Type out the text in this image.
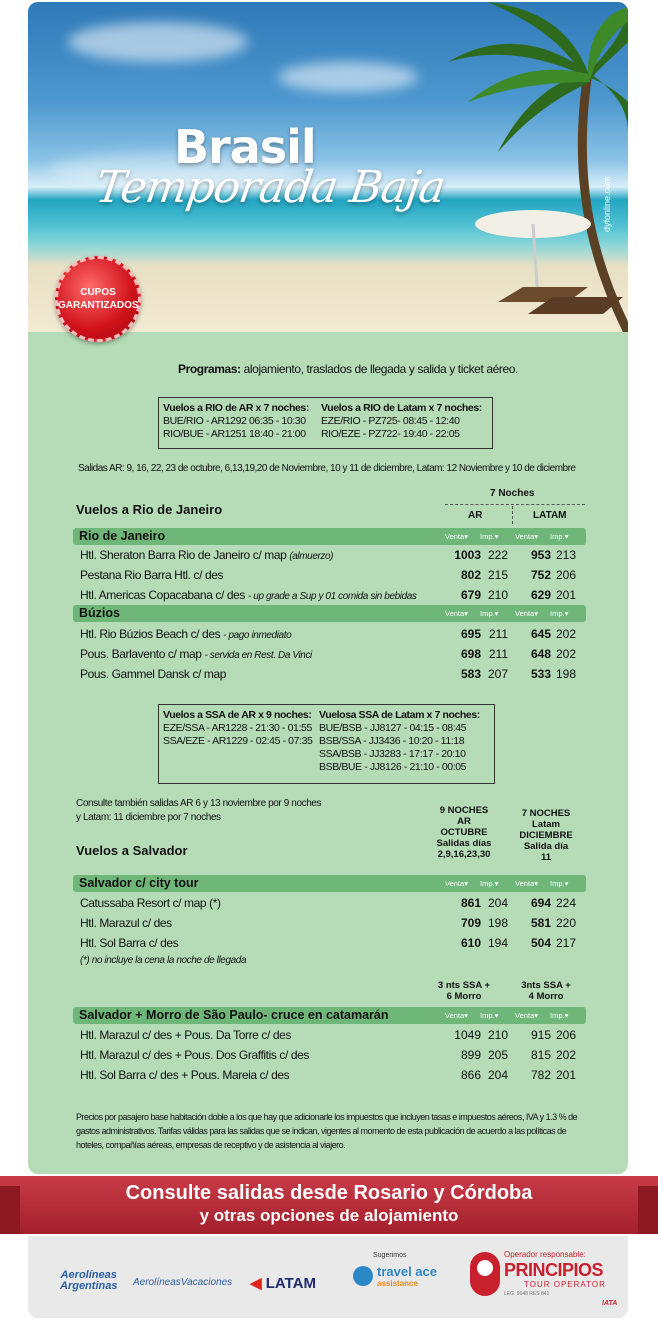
Brasil
Temporada Baja	dyfonline.com
CUPOS
GARANTIZADOS
Programas: alojamiento, traslados de llegada y salida y ticket aéreo.
Vuelos a RIO de AR x 7 noches:
BUE/RIO - AR1292 06:35 - 10:30
RIO/BUE - AR1251 18:40 - 21:00
Vuelos a RIO de Latam x 7 noches:
EZE/RIO - PZ725- 08:45 - 12:40
RIO/EZE - PZ722- 19:40 - 22:05
Salidas AR: 9, 16, 22, 23 de octubre, 6,13,19,20 de Noviembre, 10 y 11 de diciembre, Latam: 12 Noviembre y 10 de diciembre
Vuelos a Rio de Janeiro
7 Noches
AR	LATAM
Rio de Janeiro	Venta▾ Imp.▾ Venta▾ Imp.▾
Htl. Sheraton Barra Rio de Janeiro c/ map (almuerzo)	1003 222	953 213
Pestana Rio Barra Htl. c/ des	802 215	752 206
Htl. Americas Copacabana c/ des - up grade a Sup y 01 comida sin bebidas	679 210	629 201
Búzios	Venta▾ Imp.▾ Venta▾ Imp.▾
Htl. Rio Búzios Beach c/ des - pago inmediato	695 211	645 202
Pous. Barlavento c/ map - servida en Rest. Da Vinci	698 211	648 202
Pous. Gammel Dansk c/ map	583 207	533 198
Vuelos a SSA de AR x 9 noches:
EZE/SSA - AR1228 - 21:30 - 01:55
SSA/EZE - AR1229 - 02:45 - 07:35
Vuelosa SSA de Latam x 7 noches:
BUE/BSB - JJ8127 - 04:15 - 08:45
BSB/SSA - JJ3436 - 10:20 - 11:18
SSA/BSB - JJ3283 - 17:17 - 20:10
BSB/BUE - JJ8126 - 21:10 - 00:05
Consulte también salidas AR 6 y 13 noviembre por 9 noches
y Latam: 11 diciembre por 7 noches
Vuelos a Salvador
9 NOCHES
AR
OCTUBRE
Salidas días
2,9,16,23,30
7 NOCHES
Latam
DICIEMBRE
Salida día
11
Salvador c/ city tour	Venta▾ Imp.▾ Venta▾ Imp.▾
Catussaba Resort c/ map (*)	861 204	694 224
Htl. Marazul c/ des	709 198	581 220
Htl. Sol Barra c/ des	610 194	504 217
(*) no incluye la cena la noche de llegada
3 nts SSA +
6 Morro
3nts SSA +
4 Morro
Salvador + Morro de São Paulo- cruce en catamarán	Venta▾ Imp.▾ Venta▾ Imp.▾
Htl. Marazul c/ des + Pous. Da Torre c/ des	1049 210	915 206
Htl. Marazul c/ des + Pous. Dos Graffitis c/ des	899 205	815 202
Htl. Sol Barra c/ des + Pous. Mareia c/ des	866 204	782 201
Precios por pasajero base habitación doble a los que hay que adicionarle los impuestos que incluyen tasas e impuestos aéreos, IVA y 1.3 % de
gastos administrativos. Tarifas válidas para las salidas que se indican, vigentes al momento de esta publicación de acuerdo a las políticas de
hoteles, compañías aéreas, empresas de receptivo y de asistencia al viajero.
Consulte salidas desde Rosario y Córdoba
y otras opciones de alojamiento
Aerolíneas
Argentinas AerolíneasVacaciones ◀ LATAM
Sugerimos
travel ace
assistance
Operador responsable:
PRINCIPIOS
TOUR OPERATOR
LEG. 9048 RES 841
IATA
